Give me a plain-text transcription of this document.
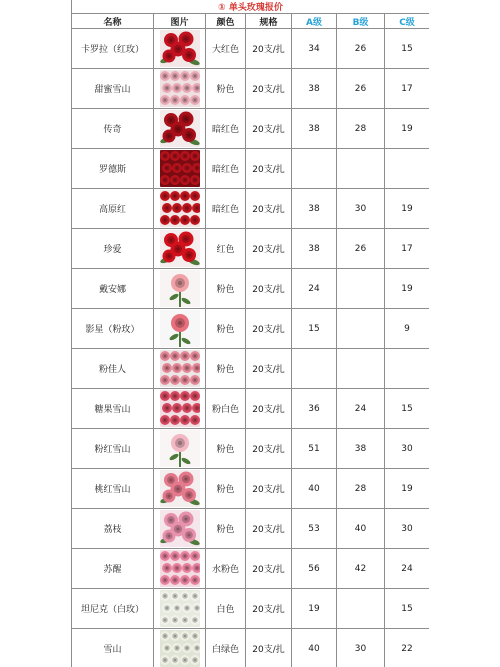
① 单头玫瑰报价						
名称	图片	颜色	规格	A级	B级	C级
卡罗拉（红玫）		大红色	20支/扎	34	26	15
甜蜜雪山		粉色	20支/扎	38	26	17
传奇		暗红色	20支/扎	38	28	19
罗德斯		暗红色	20支/扎			
高原红		暗红色	20支/扎	38	30	19
珍爱		红色	20支/扎	38	26	17
戴安娜		粉色	20支/扎	24		19
影星（粉玫）		粉色	20支/扎	15		9
粉佳人		粉色	20支/扎			
糖果雪山		粉白色	20支/扎	36	24	15
粉红雪山		粉色	20支/扎	51	38	30
桃红雪山		粉色	20支/扎	40	28	19
荔枝		粉色	20支/扎	53	40	30
苏醒		水粉色	20支/扎	56	42	24
坦尼克（白玫）		白色	20支/扎	19		15
雪山		白绿色	20支/扎	40	30	22
